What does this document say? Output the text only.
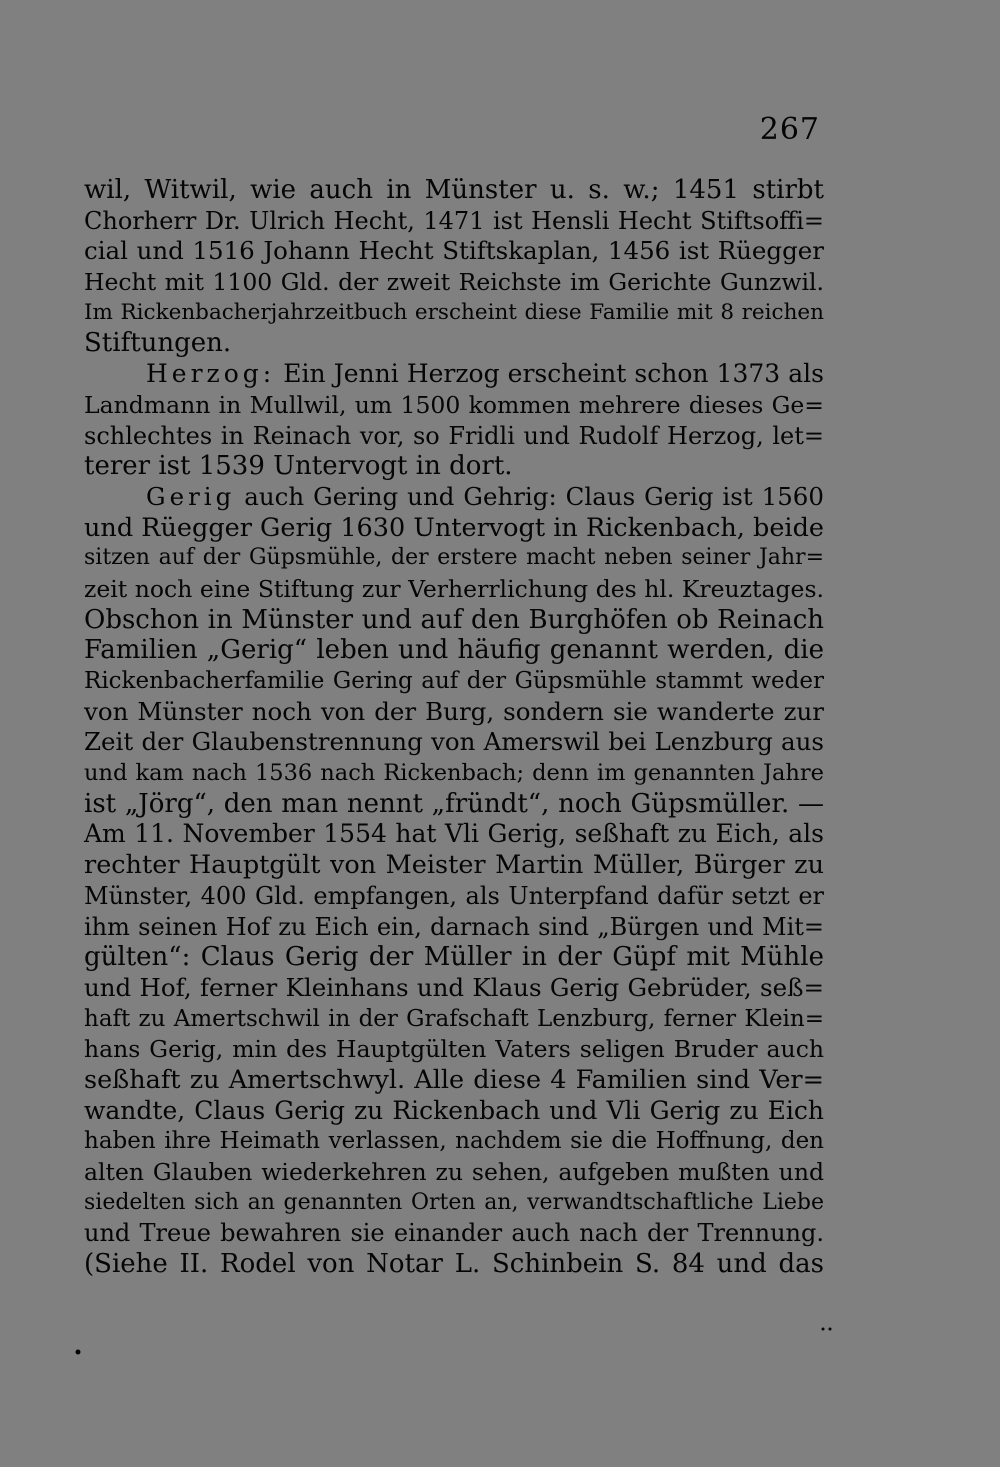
267

wil, Witwil, wie auch in Münster u. s. w.; 1451 stirbt
Chorherr Dr. Ulrich Hecht, 1471 ist Hensli Hecht Stiftsoffi=
cial und 1516 Johann Hecht Stiftskaplan, 1456 ist Rüegger
Hecht mit 1100 Gld. der zweit Reichste im Gerichte Gunzwil.
Im Rickenbacherjahrzeitbuch erscheint diese Familie mit 8 reichen
Stiftungen.
Herzog: Ein Jenni Herzog erscheint schon 1373 als
Landmann in Mullwil, um 1500 kommen mehrere dieses Ge=
schlechtes in Reinach vor, so Fridli und Rudolf Herzog, let=
terer ist 1539 Untervogt in dort.
Gerig auch Gering und Gehrig: Claus Gerig ist 1560
und Rüegger Gerig 1630 Untervogt in Rickenbach, beide
sitzen auf der Güpsmühle, der erstere macht neben seiner Jahr=
zeit noch eine Stiftung zur Verherrlichung des hl. Kreuztages.
Obschon in Münster und auf den Burghöfen ob Reinach
Familien „Gerig“ leben und häufig genannt werden, die
Rickenbacherfamilie Gering auf der Güpsmühle stammt weder
von Münster noch von der Burg, sondern sie wanderte zur
Zeit der Glaubenstrennung von Amerswil bei Lenzburg aus
und kam nach 1536 nach Rickenbach; denn im genannten Jahre
ist „Jörg“, den man nennt „fründt“, noch Güpsmüller. —
Am 11. November 1554 hat Vli Gerig, seßhaft zu Eich, als
rechter Hauptgült von Meister Martin Müller, Bürger zu
Münster, 400 Gld. empfangen, als Unterpfand dafür setzt er
ihm seinen Hof zu Eich ein, darnach sind „Bürgen und Mit=
gülten“: Claus Gerig der Müller in der Güpf mit Mühle
und Hof, ferner Kleinhans und Klaus Gerig Gebrüder, seß=
haft zu Amertschwil in der Grafschaft Lenzburg, ferner Klein=
hans Gerig, min des Hauptgülten Vaters seligen Bruder auch
seßhaft zu Amertschwyl. Alle diese 4 Familien sind Ver=
wandte, Claus Gerig zu Rickenbach und Vli Gerig zu Eich
haben ihre Heimath verlassen, nachdem sie die Hoffnung, den
alten Glauben wiederkehren zu sehen, aufgeben mußten und
siedelten sich an genannten Orten an, verwandtschaftliche Liebe
und Treue bewahren sie einander auch nach der Trennung.
(Siehe II. Rodel von Notar L. Schinbein S. 84 und das
